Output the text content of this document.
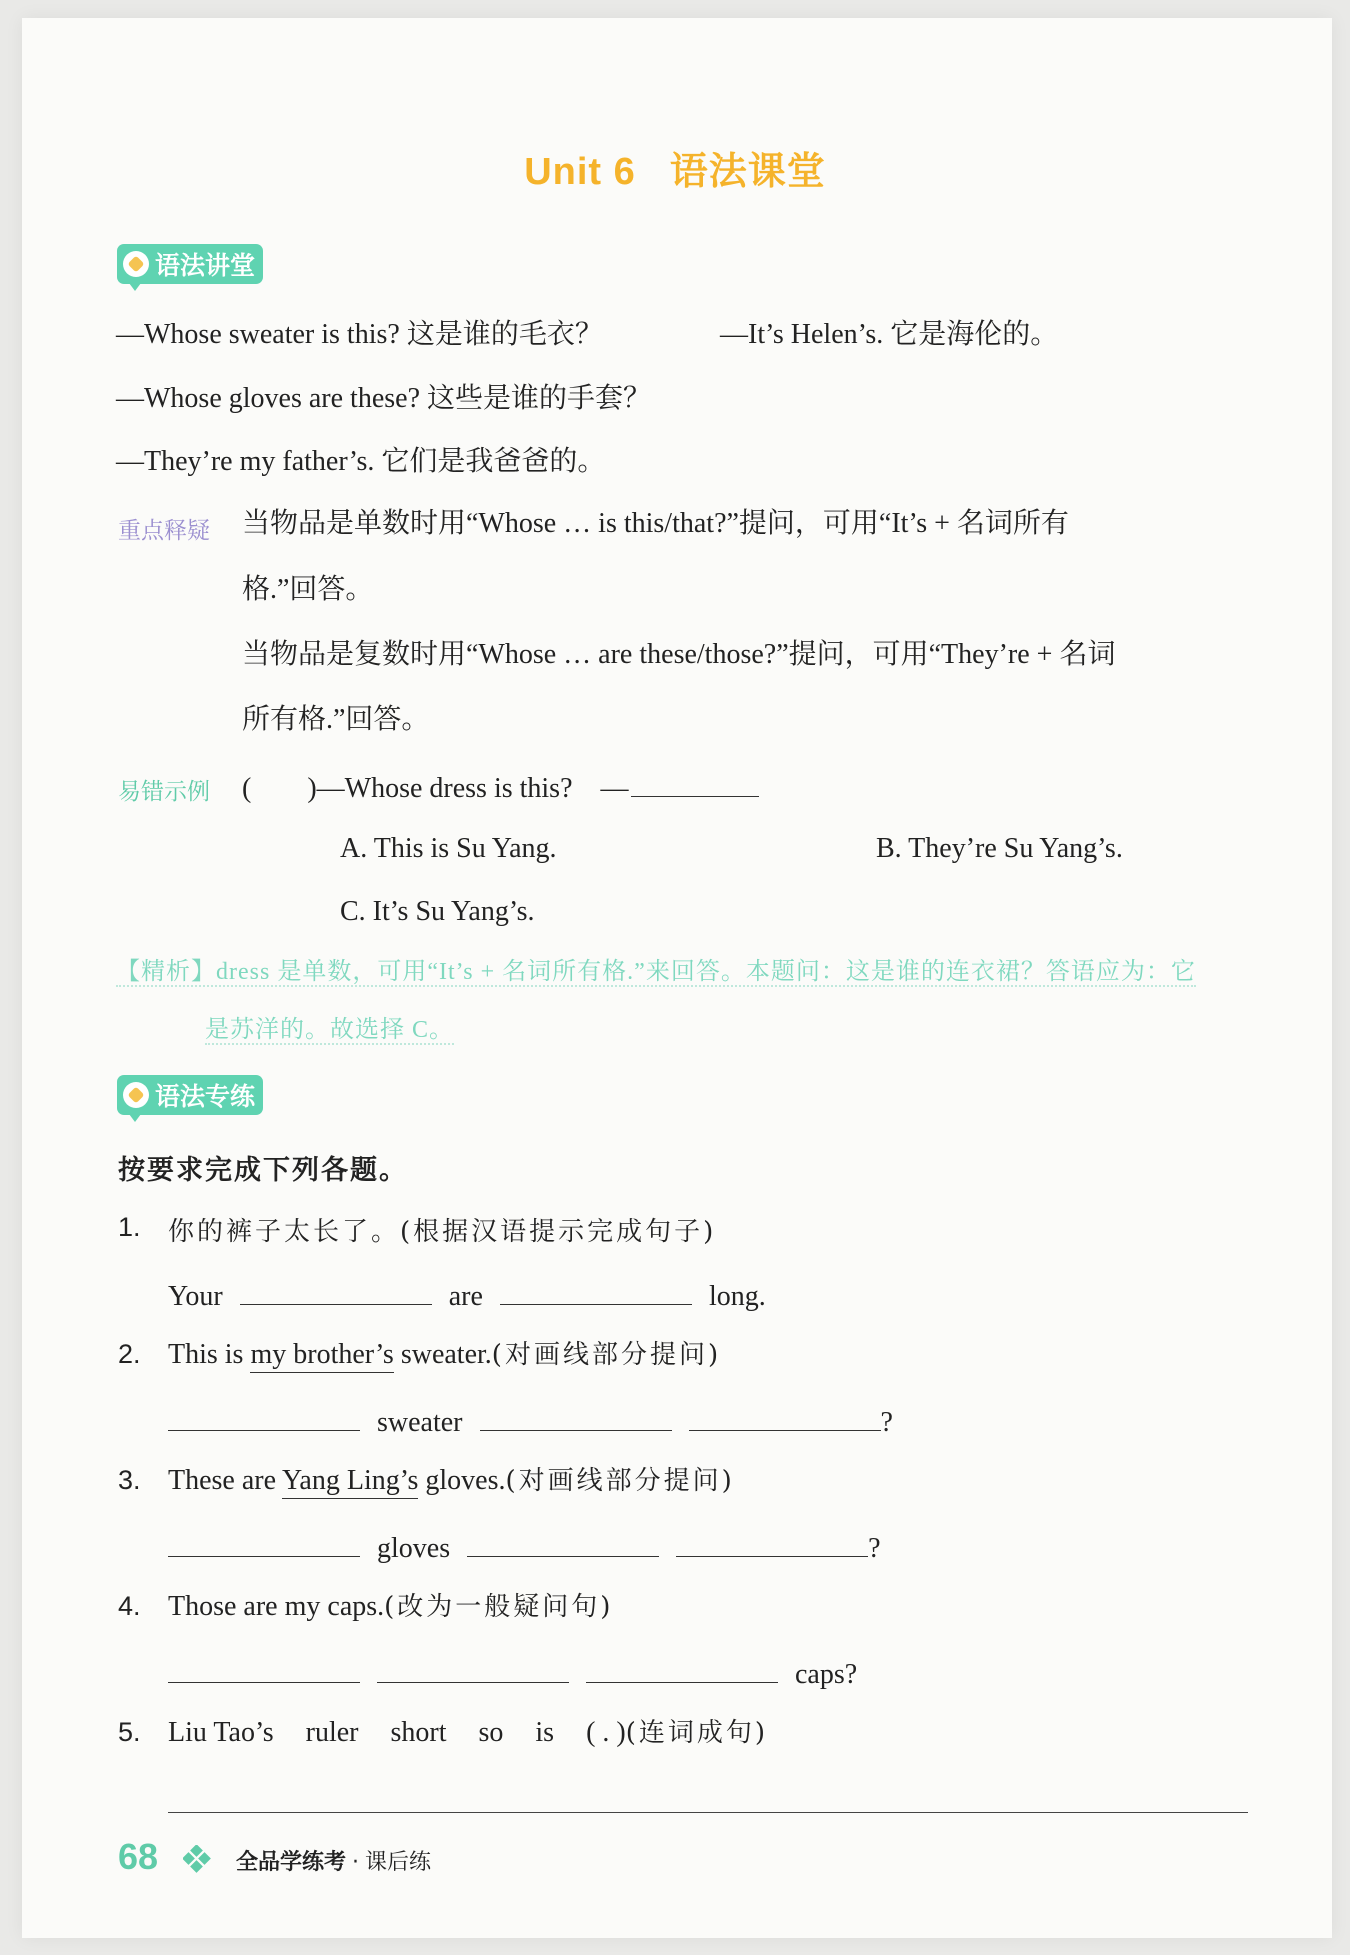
Unit 6 语法课堂
语法讲堂
—Whose sweater is this? 这是谁的毛衣？	—It’s Helen’s. 它是海伦的。
—Whose gloves are these? 这些是谁的手套？
—They’re my father’s. 它们是我爸爸的。
重点释疑 当物品是单数时用“Whose … is this/that?”提问，可用“It’s + 名词所有
格.”回答。
当物品是复数时用“Whose … are these/those?”提问，可用“They’re + 名词
所有格.”回答。
易错示例 (　　)—Whose dress is this?　—
A. This is Su Yang.	B. They’re Su Yang’s.
C. It’s Su Yang’s.
【精析】dress 是单数，可用“It’s + 名词所有格.”来回答。本题问：这是谁的连衣裙？答语应为：它
是苏洋的。故选择 C。
语法专练
按要求完成下列各题。
1. 你的裤子太长了。(根据汉语提示完成句子)
Your	are	long.
2. This is my brother’s sweater.(对画线部分提问)
sweater	?
3. These are Yang Ling’s gloves.(对画线部分提问)
gloves	?
4. Those are my caps.(改为一般疑问句)
caps?
5. Liu Tao’s ruler short so is ( . )(连词成句)
68	全品学练考 · 课后练
